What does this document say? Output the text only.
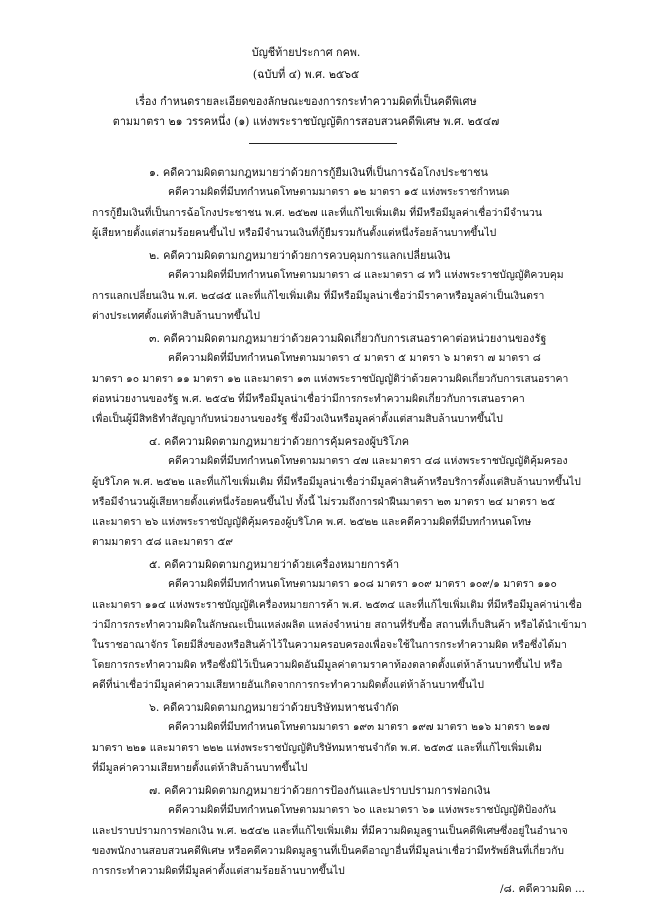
บัญชีท้ายประกาศ กคพ.
(ฉบับที่ ๔) พ.ศ. ๒๕๖๕
เรื่อง กำหนดรายละเอียดของลักษณะของการกระทำความผิดที่เป็นคดีพิเศษ
ตามมาตรา ๒๑ วรรคหนึ่ง (๑) แห่งพระราชบัญญัติการสอบสวนคดีพิเศษ พ.ศ. ๒๕๔๗
๑. คดีความผิดตามกฎหมายว่าด้วยการกู้ยืมเงินที่เป็นการฉ้อโกงประชาชน
คดีความผิดที่มีบทกำหนดโทษตามมาตรา ๑๒ มาตรา ๑๕ แห่งพระราชกำหนด
การกู้ยืมเงินที่เป็นการฉ้อโกงประชาชน พ.ศ. ๒๕๒๗ และที่แก้ไขเพิ่มเติม ที่มีหรือมีมูลค่าเชื่อว่ามีจำนวน
ผู้เสียหายตั้งแต่สามร้อยคนขึ้นไป หรือมีจำนวนเงินที่กู้ยืมรวมกันตั้งแต่หนึ่งร้อยล้านบาทขึ้นไป
๒. คดีความผิดตามกฎหมายว่าด้วยการควบคุมการแลกเปลี่ยนเงิน
คดีความผิดที่มีบทกำหนดโทษตามมาตรา ๘ และมาตรา ๘ ทวิ แห่งพระราชบัญญัติควบคุม
การแลกเปลี่ยนเงิน พ.ศ. ๒๔๘๕ และที่แก้ไขเพิ่มเติม ที่มีหรือมีมูลน่าเชื่อว่ามีราคาหรือมูลค่าเป็นเงินตรา
ต่างประเทศตั้งแต่ห้าสิบล้านบาทขึ้นไป
๓. คดีความผิดตามกฎหมายว่าด้วยความผิดเกี่ยวกับการเสนอราคาต่อหน่วยงานของรัฐ
คดีความผิดที่มีบทกำหนดโทษตามมาตรา ๔ มาตรา ๕ มาตรา ๖ มาตรา ๗ มาตรา ๘
มาตรา ๑๐ มาตรา ๑๑ มาตรา ๑๒ และมาตรา ๑๓ แห่งพระราชบัญญัติว่าด้วยความผิดเกี่ยวกับการเสนอราคา
ต่อหน่วยงานของรัฐ พ.ศ. ๒๕๔๒ ที่มีหรือมีมูลน่าเชื่อว่ามีการกระทำความผิดเกี่ยวกับการเสนอราคา
เพื่อเป็นผู้มีสิทธิทำสัญญากับหน่วยงานของรัฐ ซึ่งมีวงเงินหรือมูลค่าตั้งแต่สามสิบล้านบาทขึ้นไป
๔. คดีความผิดตามกฎหมายว่าด้วยการคุ้มครองผู้บริโภค
คดีความผิดที่มีบทกำหนดโทษตามมาตรา ๔๗ และมาตรา ๔๘ แห่งพระราชบัญญัติคุ้มครอง
ผู้บริโภค พ.ศ. ๒๕๒๒ และที่แก้ไขเพิ่มเติม ที่มีหรือมีมูลน่าเชื่อว่ามีมูลค่าสินค้าหรือบริการตั้งแต่สิบล้านบาทขึ้นไป
หรือมีจำนวนผู้เสียหายตั้งแต่หนึ่งร้อยคนขึ้นไป ทั้งนี้ ไม่รวมถึงการฝ่าฝืนมาตรา ๒๓ มาตรา ๒๔ มาตรา ๒๕
และมาตรา ๒๖ แห่งพระราชบัญญัติคุ้มครองผู้บริโภค พ.ศ. ๒๕๒๒ และคดีความผิดที่มีบทกำหนดโทษ
ตามมาตรา ๕๘ และมาตรา ๕๙
๕. คดีความผิดตามกฎหมายว่าด้วยเครื่องหมายการค้า
คดีความผิดที่มีบทกำหนดโทษตามมาตรา ๑๐๘ มาตรา ๑๐๙ มาตรา ๑๐๙/๑ มาตรา ๑๑๐
และมาตรา ๑๑๔ แห่งพระราชบัญญัติเครื่องหมายการค้า พ.ศ. ๒๕๓๔ และที่แก้ไขเพิ่มเติม ที่มีหรือมีมูลค่าน่าเชื่อ
ว่ามีการกระทำความผิดในลักษณะเป็นแหล่งผลิต แหล่งจำหน่าย สถานที่รับซื้อ สถานที่เก็บสินค้า หรือได้นำเข้ามา
ในราชอาณาจักร โดยมีสิ่งของหรือสินค้าไว้ในความครอบครองเพื่อจะใช้ในการกระทำความผิด หรือซึ่งได้มา
โดยการกระทำความผิด หรือซึ่งมิไว้เป็นความผิดอันมีมูลค่าตามราคาท้องตลาดตั้งแต่ห้าล้านบาทขึ้นไป หรือ
คดีที่น่าเชื่อว่ามีมูลค่าความเสียหายอันเกิดจากการกระทำความผิดตั้งแต่ห้าล้านบาทขึ้นไป
๖. คดีความผิดตามกฎหมายว่าด้วยบริษัทมหาชนจำกัด
คดีความผิดที่มีบทกำหนดโทษตามมาตรา ๑๙๓ มาตรา ๑๙๗ มาตรา ๒๑๖ มาตรา ๒๑๗
มาตรา ๒๒๑ และมาตรา ๒๒๒ แห่งพระราชบัญญัติบริษัทมหาชนจำกัด พ.ศ. ๒๕๓๕ และที่แก้ไขเพิ่มเติม
ที่มีมูลค่าความเสียหายตั้งแต่ห้าสิบล้านบาทขึ้นไป
๗. คดีความผิดตามกฎหมายว่าด้วยการป้องกันและปราบปรามการฟอกเงิน
คดีความผิดที่มีบทกำหนดโทษตามมาตรา ๖๐ และมาตรา ๖๑ แห่งพระราชบัญญัติป้องกัน
และปราบปรามการฟอกเงิน พ.ศ. ๒๕๔๒ และที่แก้ไขเพิ่มเติม ที่มีความผิดมูลฐานเป็นคดีพิเศษซึ่งอยู่ในอำนาจ
ของพนักงานสอบสวนคดีพิเศษ หรือคดีความผิดมูลฐานที่เป็นคดีอาญาอื่นที่มีมูลน่าเชื่อว่ามีทรัพย์สินที่เกี่ยวกับ
การกระทำความผิดที่มีมูลค่าตั้งแต่สามร้อยล้านบาทขึ้นไป
/๘. คดีความผิด ...
